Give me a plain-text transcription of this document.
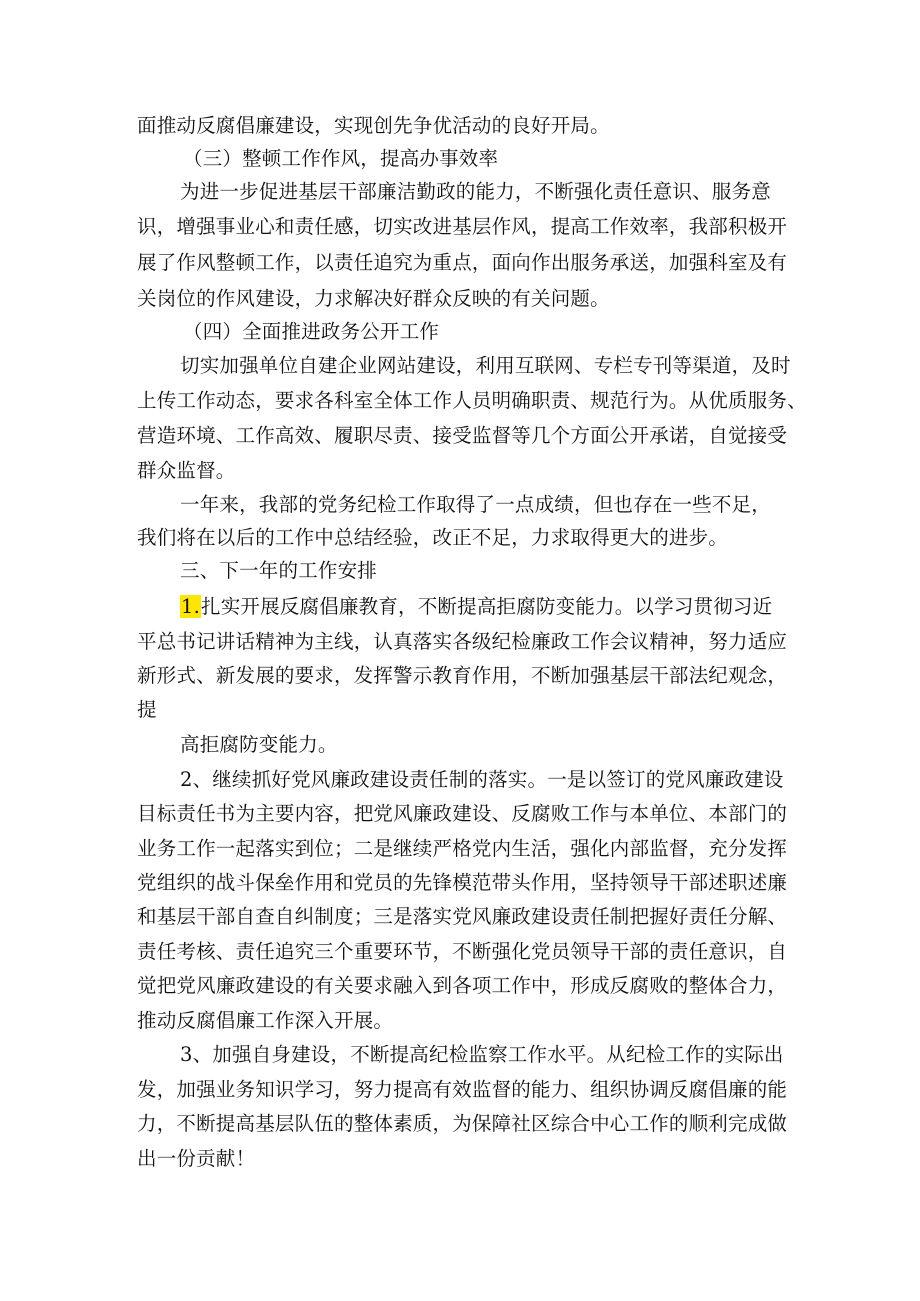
面推动反腐倡廉建设，实现创先争优活动的良好开局。
（三）整顿工作作风，提高办事效率
为进一步促进基层干部廉洁勤政的能力，不断强化责任意识、服务意
识，增强事业心和责任感，切实改进基层作风，提高工作效率，我部积极开
展了作风整顿工作，以责任追究为重点，面向作出服务承送，加强科室及有
关岗位的作风建设，力求解决好群众反映的有关问题。
（四）全面推进政务公开工作
切实加强单位自建企业网站建设，利用互联网、专栏专刊等渠道，及时
上传工作动态，要求各科室全体工作人员明确职责、规范行为。从优质服务、
营造环境、工作高效、履职尽责、接受监督等几个方面公开承诺，自觉接受
群众监督。
一年来，我部的党务纪检工作取得了一点成绩，但也存在一些不足，
我们将在以后的工作中总结经验，改正不足，力求取得更大的进步。
三、下一年的工作安排
1.扎实开展反腐倡廉教育，不断提高拒腐防变能力。以学习贯彻习近
平总书记讲话精神为主线，认真落实各级纪检廉政工作会议精神，努力适应
新形式、新发展的要求，发挥警示教育作用，不断加强基层干部法纪观念，
提
高拒腐防变能力。
2、继续抓好党风廉政建设责任制的落实。一是以签订的党风廉政建设
目标责任书为主要内容，把党风廉政建设、反腐败工作与本单位、本部门的
业务工作一起落实到位；二是继续严格党内生活，强化内部监督，充分发挥
党组织的战斗保垒作用和党员的先锋模范带头作用，坚持领导干部述职述廉
和基层干部自查自纠制度；三是落实党风廉政建设责任制把握好责任分解、
责任考核、责任追究三个重要环节，不断强化党员领导干部的责任意识，自
觉把党风廉政建设的有关要求融入到各项工作中，形成反腐败的整体合力，
推动反腐倡廉工作深入开展。
3、加强自身建设，不断提高纪检监察工作水平。从纪检工作的实际出
发，加强业务知识学习，努力提高有效监督的能力、组织协调反腐倡廉的能
力，不断提高基层队伍的整体素质，为保障社区综合中心工作的顺利完成做
出一份贡献！
